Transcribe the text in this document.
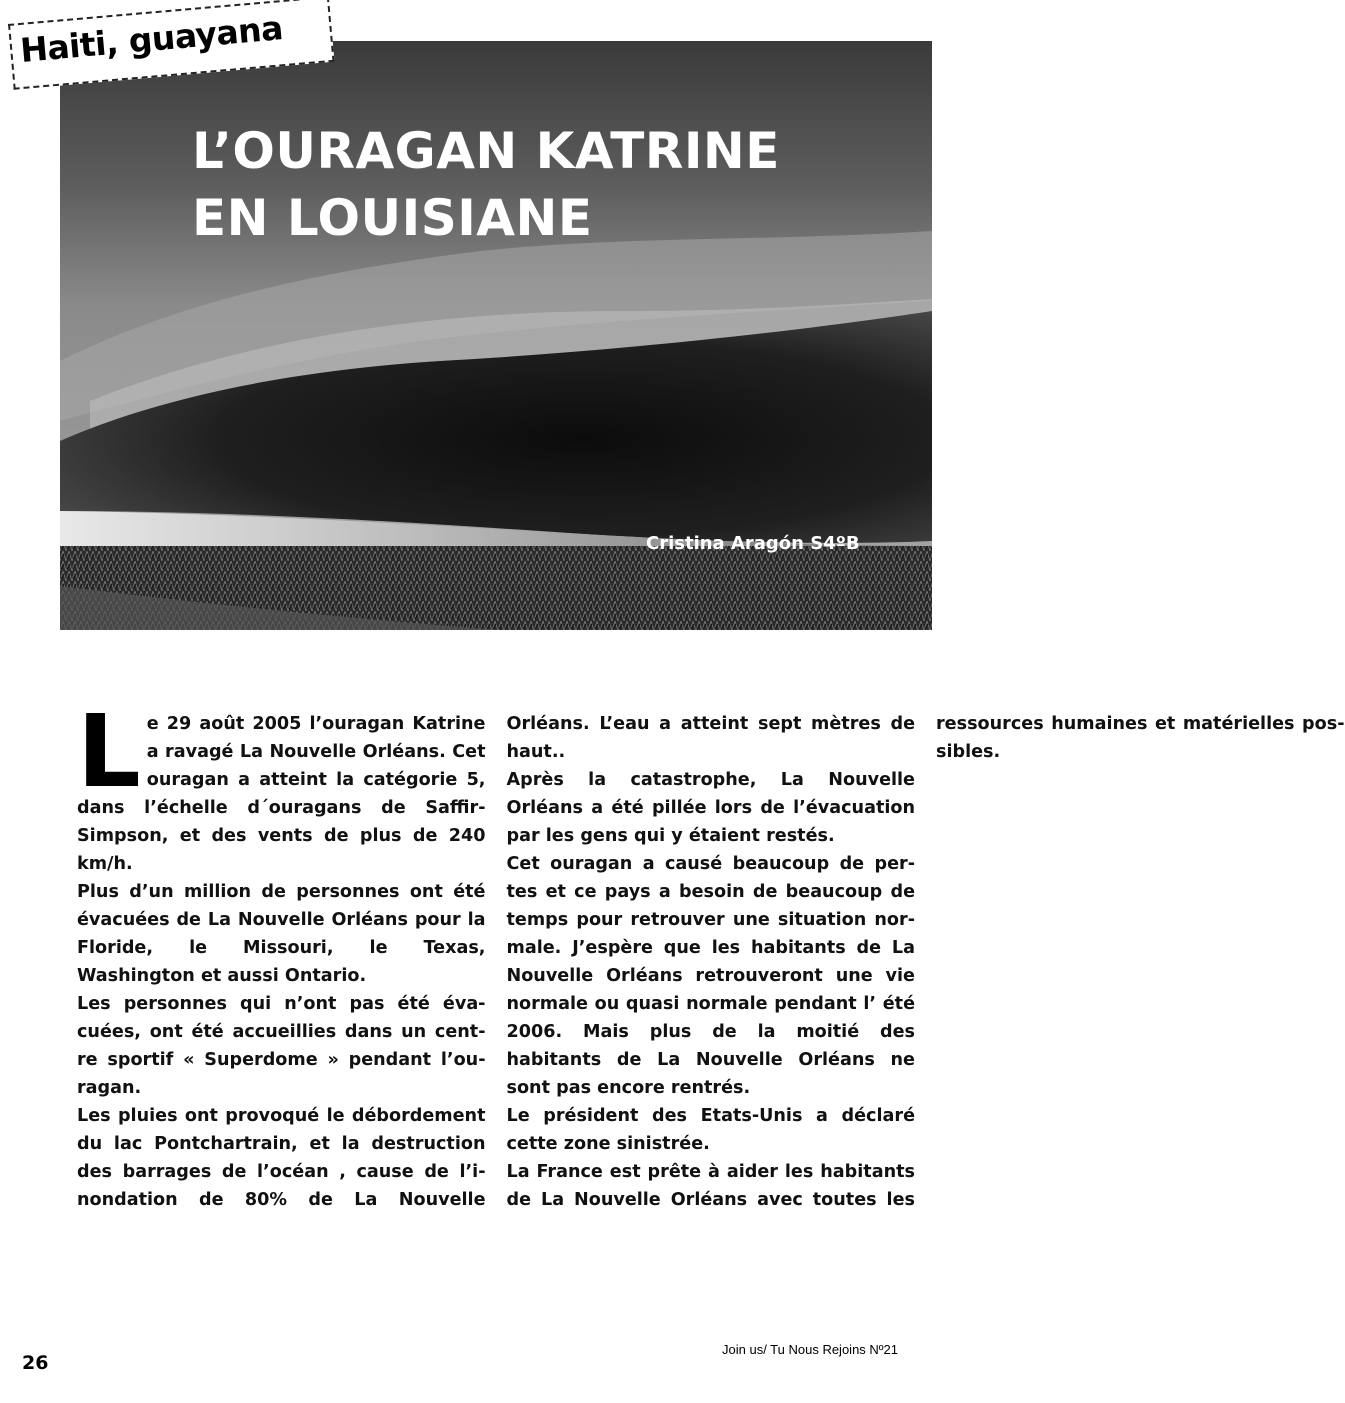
L’OURAGAN KATRINE
EN LOUISIANE
Cristina Aragón S4ºB
Haiti, guayana

Le 29 août 2005 l’ouragan Katrine a ravagé La Nouvelle Orléans. Cet ouragan a atteint la catégorie 5, dans l’échelle d´ouragans de Saffir-Simpson, et des vents de plus de 240 km/h.

Plus d’un million de personnes ont été évacuées de La Nouvelle Orléans pour la Floride, le Missouri, le Texas, Washington et aussi Ontario.

Les personnes qui n’ont pas été éva-cuées, ont été accueillies dans un cent-re sportif « Superdome » pendant l’ou-ragan.

Les pluies ont provoqué le débordement du lac Pontchartrain, et la destruction des barrages de l’océan , cause de l’i-nondation de 80% de La Nouvelle Orléans. L’eau a atteint sept mètres de haut..

Après la catastrophe, La Nouvelle Orléans a été pillée lors de l’évacuation par les gens qui y étaient restés.

Cet ouragan a causé beaucoup de per-tes et ce pays a besoin de beaucoup de temps pour retrouver une situation nor-male. J’espère que les habitants de La Nouvelle Orléans retrouveront une vie normale ou quasi normale pendant l’ été 2006. Mais plus de la moitié des habitants de La Nouvelle Orléans ne sont pas encore rentrés.

Le président des Etats-Unis a déclaré cette zone sinistrée.

La France est prête à aider les habitants de La Nouvelle Orléans avec toutes les ressources humaines et matérielles pos-sibles.

26
Join us/ Tu Nous Rejoins Nº21
